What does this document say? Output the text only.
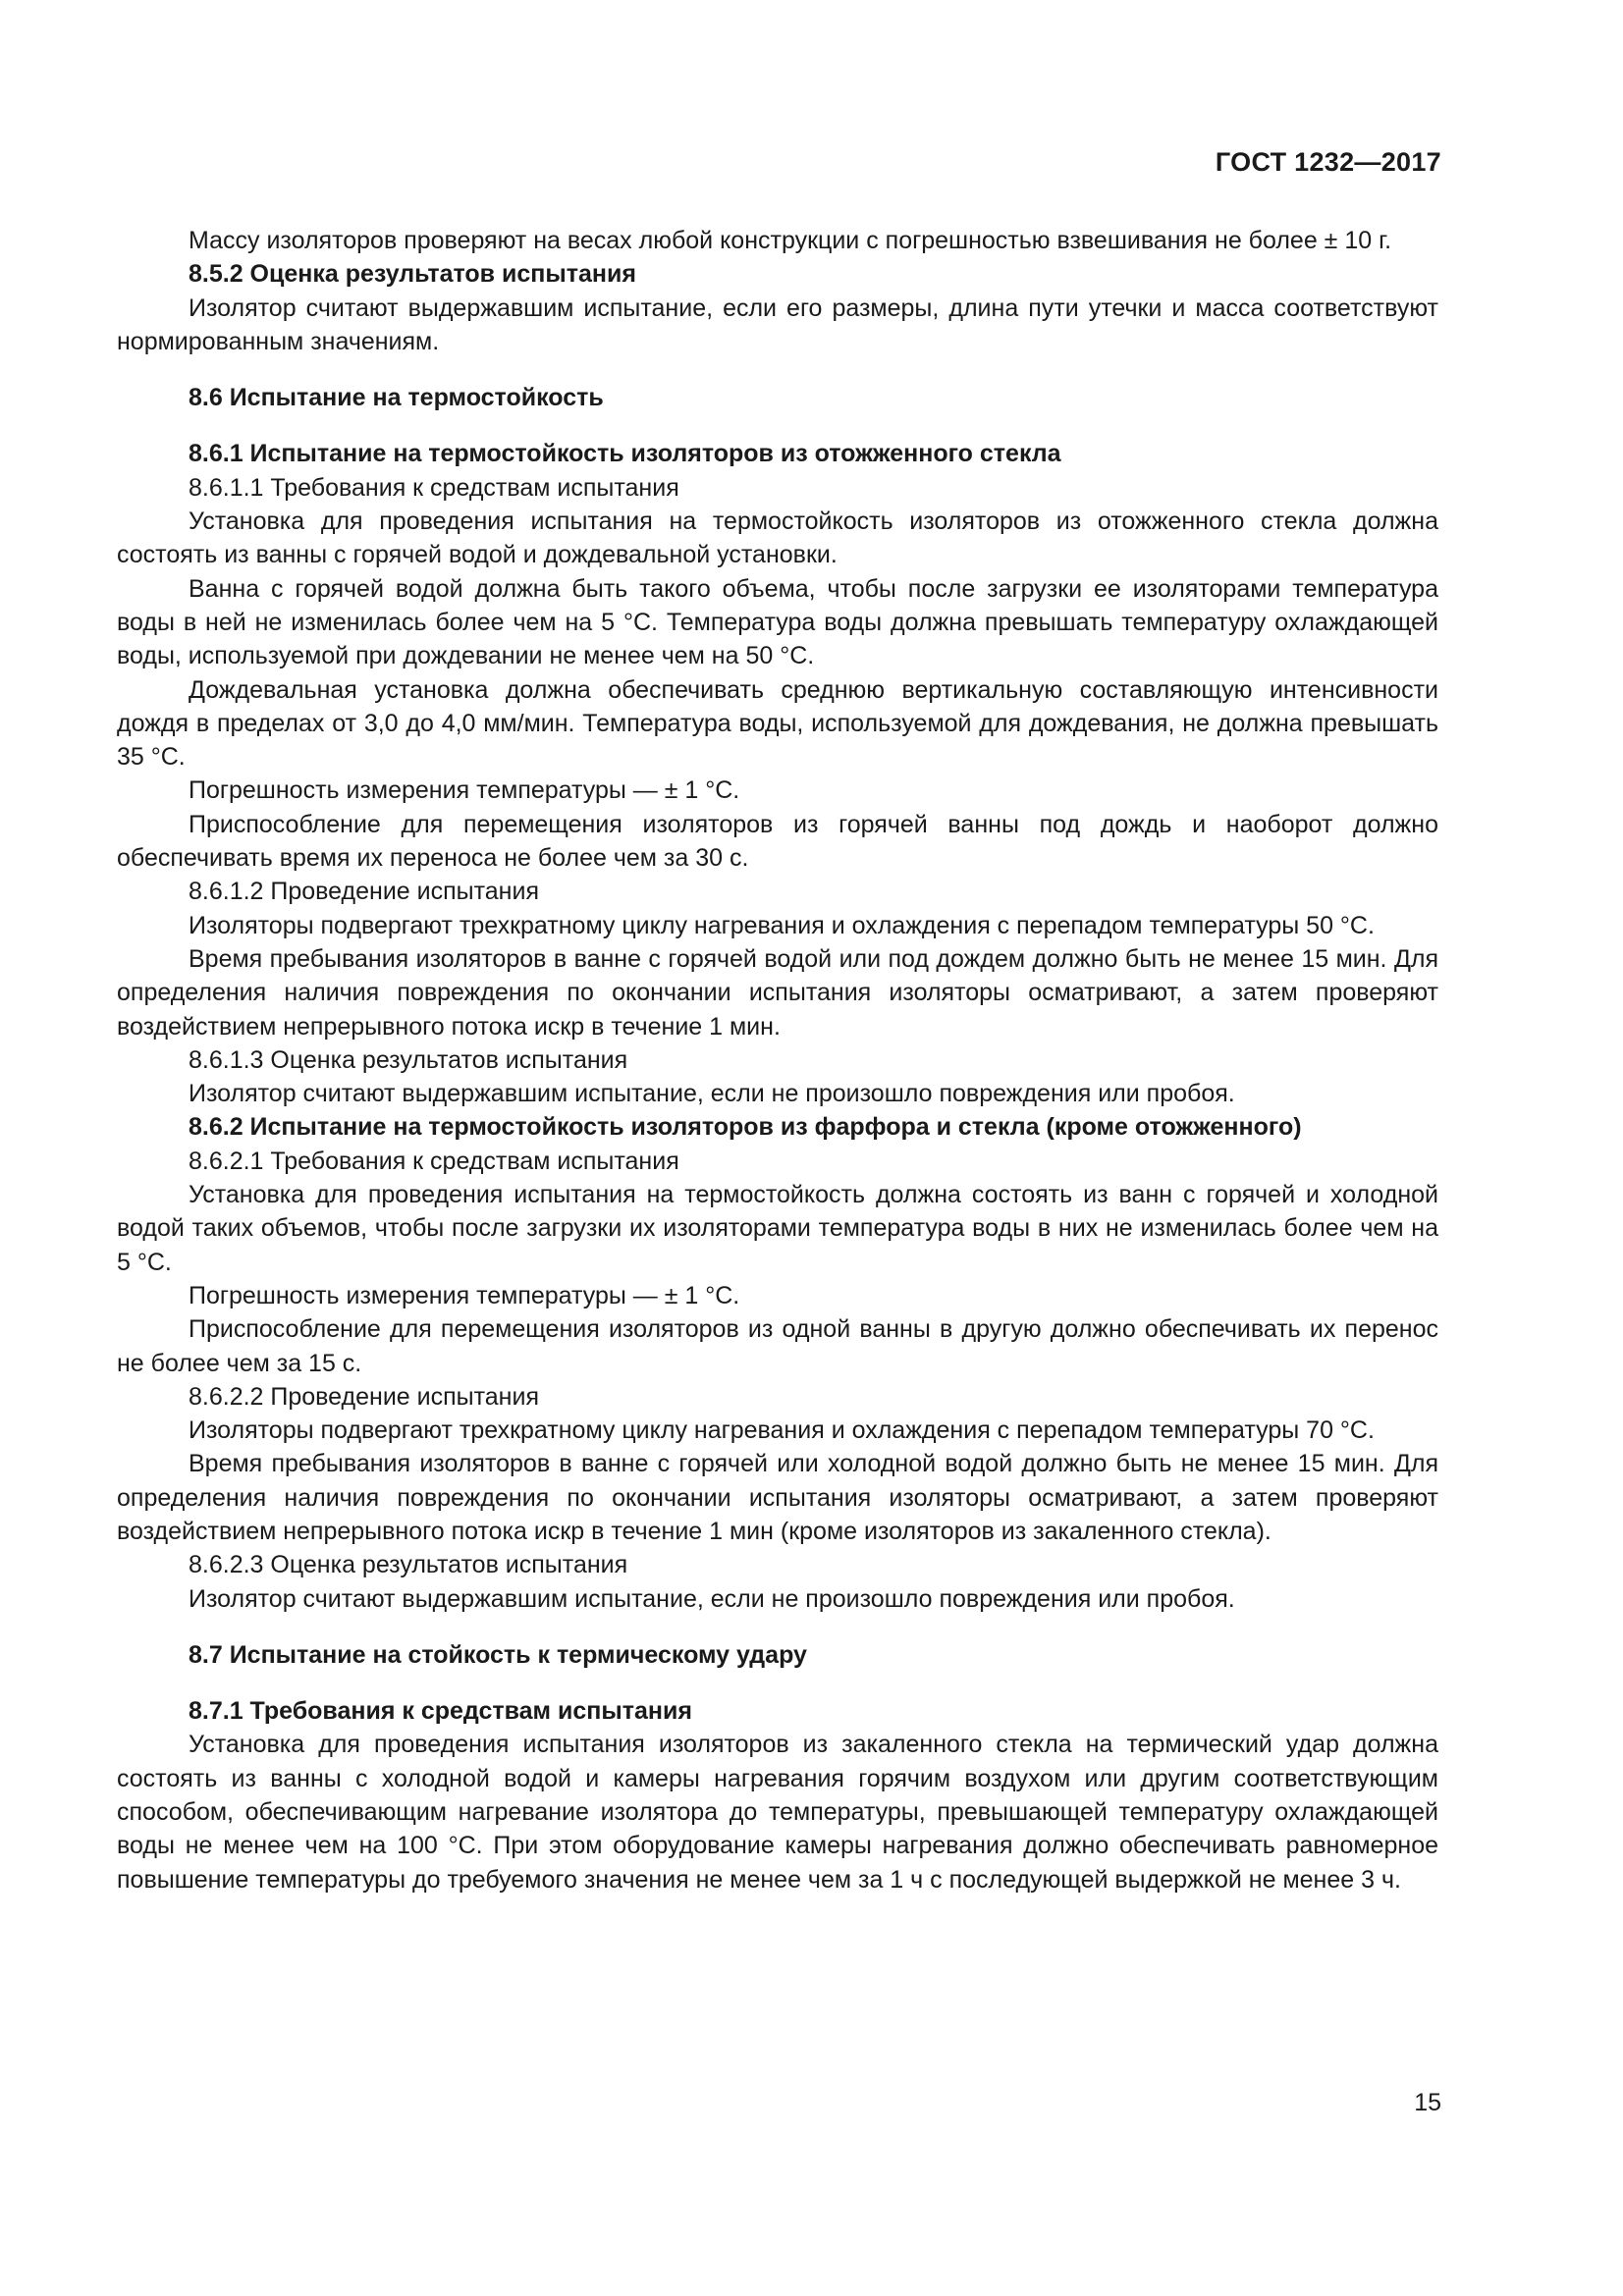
ГОСТ 1232—2017

Массу изоляторов проверяют на весах любой конструкции с погрешностью взвешивания не более ± 10 г.

8.5.2 Оценка результатов испытания

Изолятор считают выдержавшим испытание, если его размеры, длина пути утечки и масса соответствуют нормированным значениям.

8.6 Испытание на термостойкость

8.6.1 Испытание на термостойкость изоляторов из отожженного стекла

8.6.1.1 Требования к средствам испытания

Установка для проведения испытания на термостойкость изоляторов из отожженного стекла должна состоять из ванны с горячей водой и дождевальной установки.

Ванна с горячей водой должна быть такого объема, чтобы после загрузки ее изоляторами температура воды в ней не изменилась более чем на 5 °С. Температура воды должна превышать температуру охлаждающей воды, используемой при дождевании не менее чем на 50 °С.

Дождевальная установка должна обеспечивать среднюю вертикальную составляющую интенсивности дождя в пределах от 3,0 до 4,0 мм/мин. Температура воды, используемой для дождевания, не должна превышать 35 °С.

Погрешность измерения температуры — ± 1 °С.

Приспособление для перемещения изоляторов из горячей ванны под дождь и наоборот должно обеспечивать время их переноса не более чем за 30 с.

8.6.1.2 Проведение испытания

Изоляторы подвергают трехкратному циклу нагревания и охлаждения с перепадом температуры 50 °С.

Время пребывания изоляторов в ванне с горячей водой или под дождем должно быть не менее 15 мин. Для определения наличия повреждения по окончании испытания изоляторы осматривают, а затем проверяют воздействием непрерывного потока искр в течение 1 мин.

8.6.1.3 Оценка результатов испытания

Изолятор считают выдержавшим испытание, если не произошло повреждения или пробоя.

8.6.2 Испытание на термостойкость изоляторов из фарфора и стекла (кроме отожженного)

8.6.2.1 Требования к средствам испытания

Установка для проведения испытания на термостойкость должна состоять из ванн с горячей и холодной водой таких объемов, чтобы после загрузки их изоляторами температура воды в них не изменилась более чем на 5 °С.

Погрешность измерения температуры — ± 1 °С.

Приспособление для перемещения изоляторов из одной ванны в другую должно обеспечивать их перенос не более чем за 15 с.

8.6.2.2 Проведение испытания

Изоляторы подвергают трехкратному циклу нагревания и охлаждения с перепадом температуры 70 °С.

Время пребывания изоляторов в ванне с горячей или холодной водой должно быть не менее 15 мин. Для определения наличия повреждения по окончании испытания изоляторы осматривают, а затем проверяют воздействием непрерывного потока искр в течение 1 мин (кроме изоляторов из закаленного стекла).

8.6.2.3 Оценка результатов испытания

Изолятор считают выдержавшим испытание, если не произошло повреждения или пробоя.

8.7 Испытание на стойкость к термическому удару

8.7.1 Требования к средствам испытания

Установка для проведения испытания изоляторов из закаленного стекла на термический удар должна состоять из ванны с холодной водой и камеры нагревания горячим воздухом или другим соответствующим способом, обеспечивающим нагревание изолятора до температуры, превышающей температуру охлаждающей воды не менее чем на 100 °С. При этом оборудование камеры нагревания должно обеспечивать равномерное повышение температуры до требуемого значения не менее чем за 1 ч с последующей выдержкой не менее 3 ч.

15
